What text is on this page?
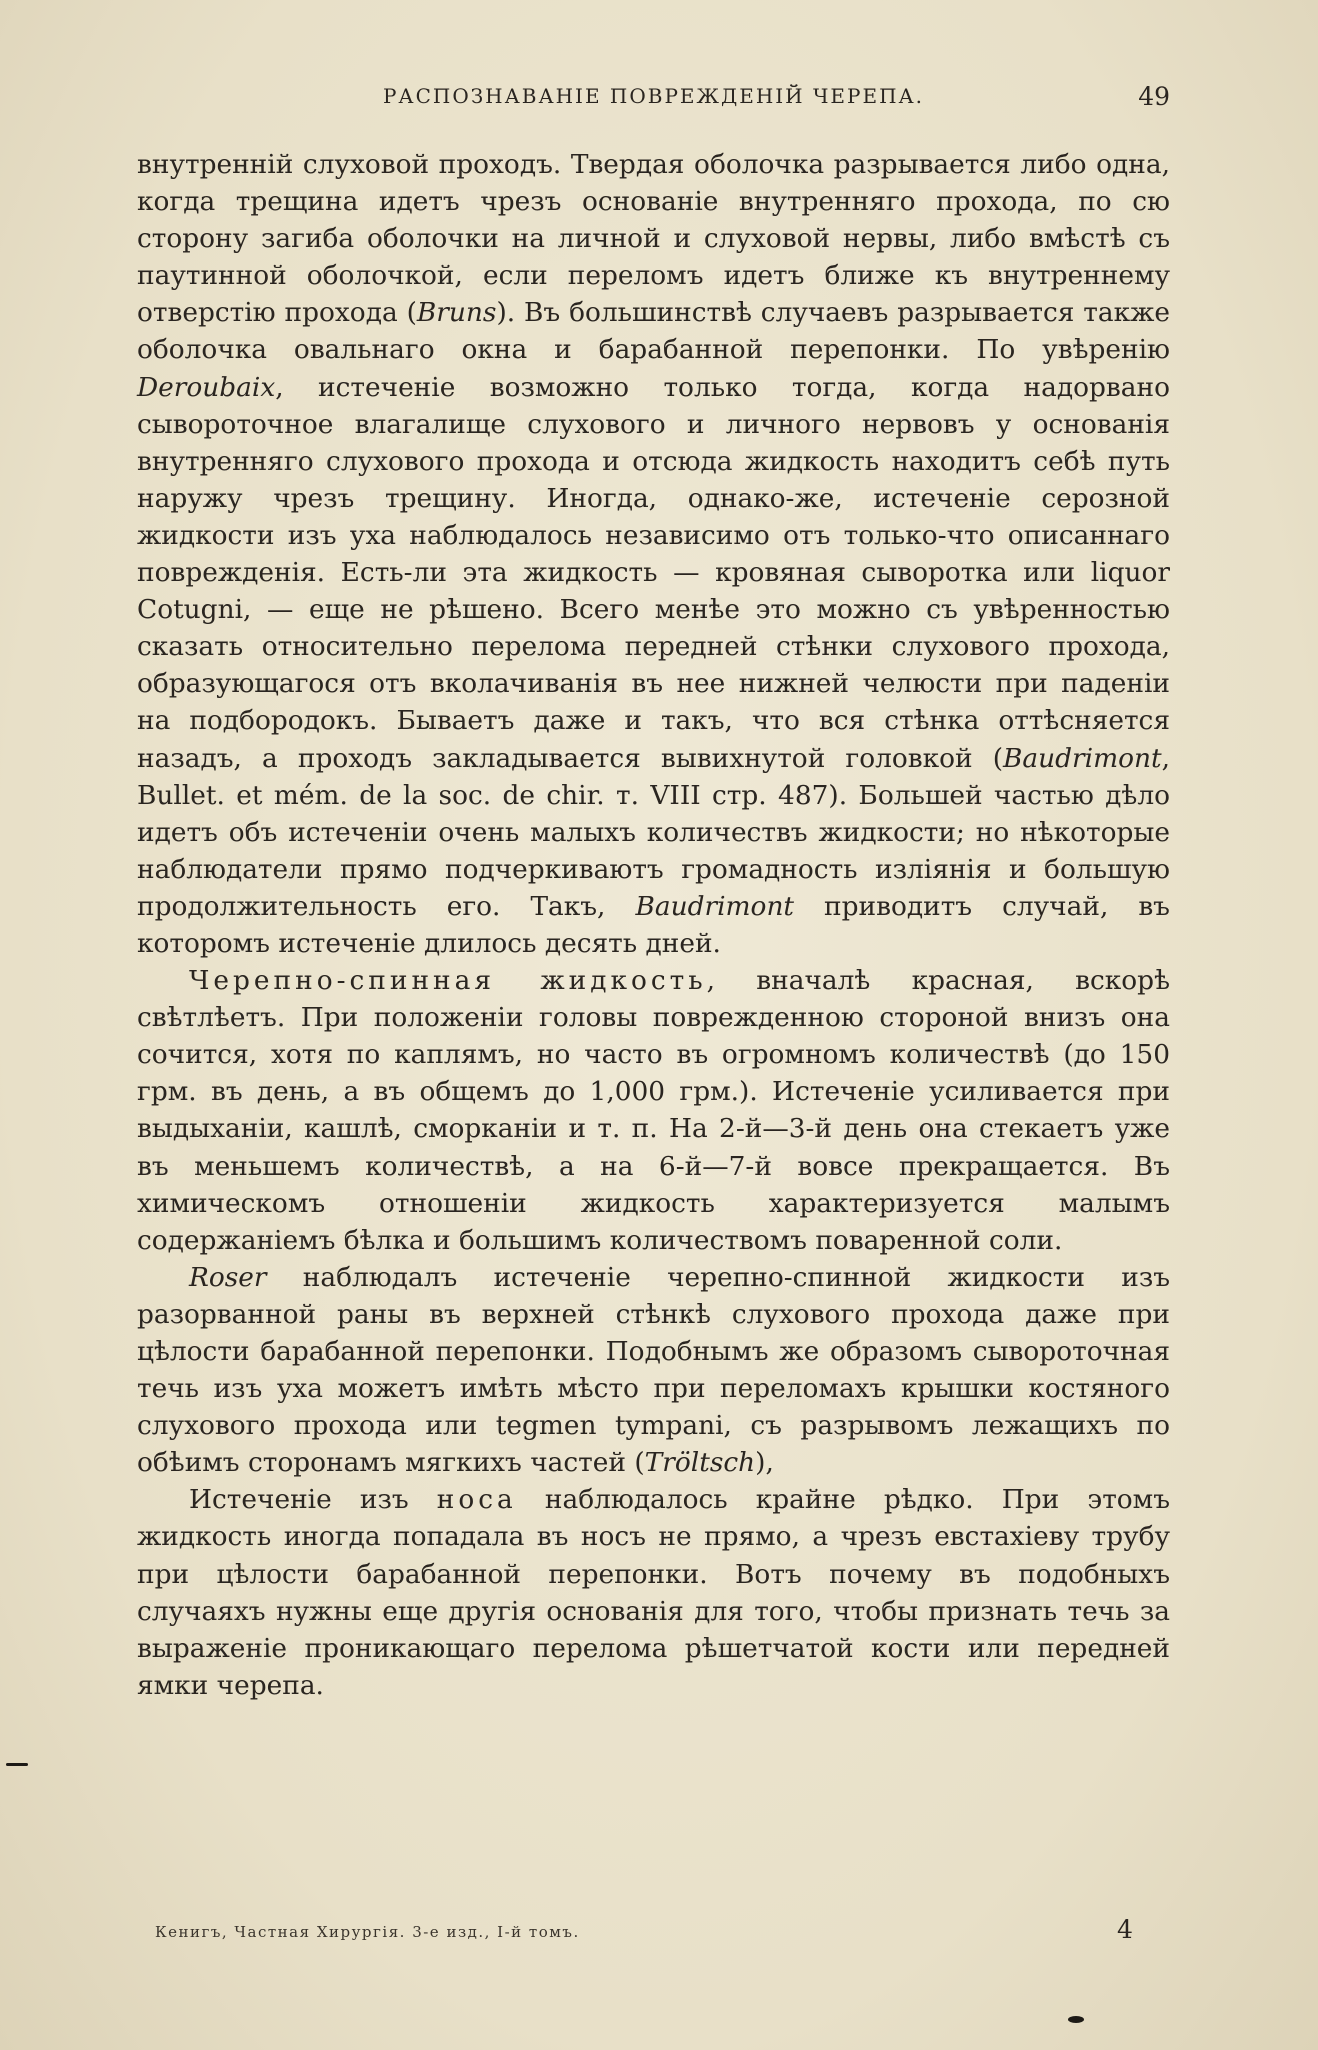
РАСПОЗНАВАНІЕ ПОВРЕЖДЕНІЙ ЧЕРЕПА.	49

внутренній слуховой проходъ. Твердая оболочка разрывается либо одна, когда трещина идетъ чрезъ основаніе внутренняго прохода, по сю сторону загиба оболочки на личной и слуховой нервы, либо вмѣстѣ съ паутинной оболочкой, если переломъ идетъ ближе къ внутреннему отверстію прохода (Bruns). Въ большинствѣ случаевъ разрывается также оболочка овальнаго окна и барабанной перепонки. По увѣренію Derоubaix, истеченіе возможно только тогда, когда надорвано сывороточное влагалище слухового и личного нервовъ у основанія внутренняго слухового прохода и отсюда жидкость находитъ себѣ путь наружу чрезъ трещину. Иногда, однако-же, истеченіе серозной жидкости изъ уха наблюдалось независимо отъ только-что описаннаго поврежденія. Есть-ли эта жидкость — кровяная сыворотка или liquor Cotugni, — еще не рѣшено. Всего менѣе это можно съ увѣренностью сказать относительно перелома передней стѣнки слухового прохода, образующагося отъ вколачиванія въ нее нижней челюсти при паденіи на подбородокъ. Бываетъ даже и такъ, что вся стѣнка оттѣсняется назадъ, а проходъ закладывается вывихнутой головкой (Baudrimont, Bullet. et mém. de la soc. de chir. т. VIII стр. 487). Большей частью дѣло идетъ объ истеченіи очень малыхъ количествъ жидкости; но нѣкоторые наблюдатели прямо подчеркиваютъ громадность изліянія и большую продолжительность его. Такъ, Baudrimont приводитъ случай, въ которомъ истеченіе длилось десять дней.

Черепно-спинная жидкость, вначалѣ красная, вскорѣ свѣтлѣетъ. При положеніи головы поврежденною стороной внизъ она сочится, хотя по каплямъ, но часто въ огромномъ количествѣ (до 150 грм. въ день, а въ общемъ до 1,000 грм.). Истеченіе усиливается при выдыханіи, кашлѣ, сморканіи и т. п. На 2-й—3-й день она стекаетъ уже въ меньшемъ количествѣ, а на 6-й—7-й вовсе прекращается. Въ химическомъ отношеніи жидкость характеризуется малымъ содержаніемъ бѣлка и большимъ количествомъ поваренной соли.

Roser наблюдалъ истеченіе черепно-спинной жидкости изъ разорванной раны въ верхней стѣнкѣ слухового прохода даже при цѣлости барабанной перепонки. Подобнымъ же образомъ сывороточная течь изъ уха можетъ имѣть мѣсто при переломахъ крышки костяного слухового прохода или tegmen tympani, съ разрывомъ лежащихъ по обѣимъ сторонамъ мягкихъ частей (Tröltsch),

Истеченіе изъ носа наблюдалось крайне рѣдко. При этомъ жидкость иногда попадала въ носъ не прямо, а чрезъ евстахіеву трубу при цѣлости барабанной перепонки. Вотъ почему въ подобныхъ случаяхъ нужны еще другія основанія для того, чтобы признать течь за выраженіе проникающаго перелома рѣшетчатой кости или передней ямки черепа.

Кенигъ, Частная Хирургія. 3-е изд., I-й томъ.	4
